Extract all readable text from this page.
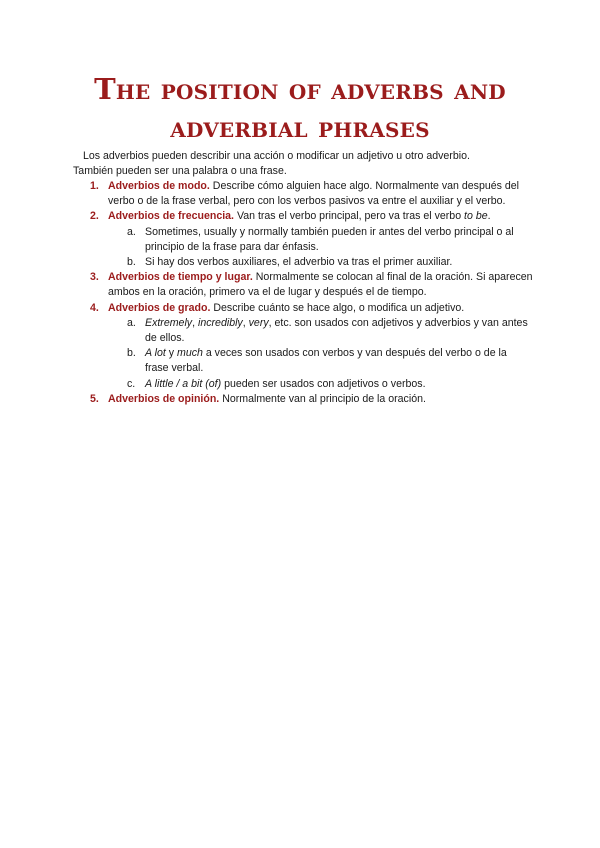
The position of adverbs and
adverbial phrases

Los adverbios pueden describir una acción o modificar un adjetivo u otro adverbio.
También pueden ser una palabra o una frase.

1. Adverbios de modo. Describe cómo alguien hace algo. Normalmente van después del verbo o de la frase verbal, pero con los verbos pasivos va entre el auxiliar y el verbo.
2. Adverbios de frecuencia. Van tras el verbo principal, pero va tras el verbo to be.
a. Sometimes, usually y normally también pueden ir antes del verbo principal o al principio de la frase para dar énfasis.
b. Si hay dos verbos auxiliares, el adverbio va tras el primer auxiliar.
3. Adverbios de tiempo y lugar. Normalmente se colocan al final de la oración. Si aparecen ambos en la oración, primero va el de lugar y después el de tiempo.
4. Adverbios de grado. Describe cuánto se hace algo, o modifica un adjetivo.
a. Extremely, incredibly, very, etc. son usados con adjetivos y adverbios y van antes de ellos.
b. A lot y much a veces son usados con verbos y van después del verbo o de la frase verbal.
c. A little / a bit (of) pueden ser usados con adjetivos o verbos.
5. Adverbios de opinión. Normalmente van al principio de la oración.
